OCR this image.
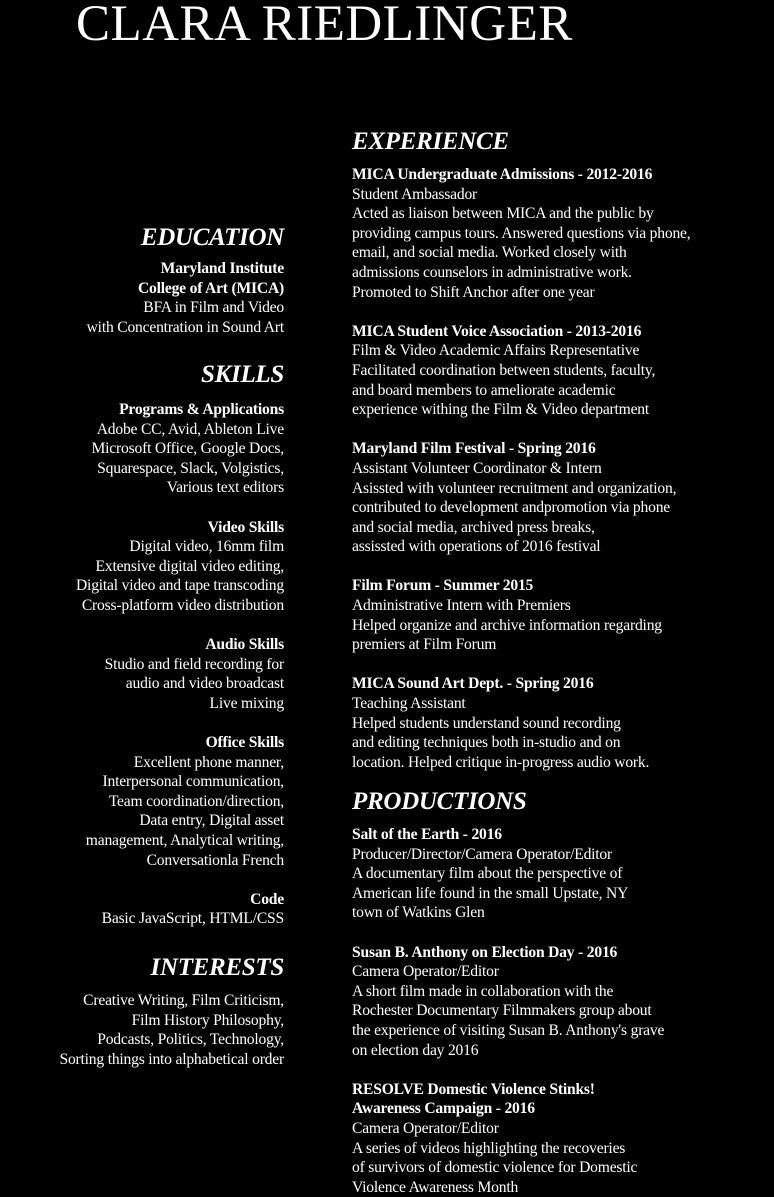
CLARA RIEDLINGER
EDUCATION
Maryland Institute
College of Art (MICA)
BFA in Film and Video
with Concentration in Sound Art
SKILLS
Programs & Applications
Adobe CC, Avid, Ableton Live
Microsoft Office, Google Docs,
Squarespace, Slack, Volgistics,
Various text editors
Video Skills
Digital video, 16mm film
Extensive digital video editing,
Digital video and tape transcoding
Cross-platform video distribution
Audio Skills
Studio and field recording for
audio and video broadcast
Live mixing
Office Skills
Excellent phone manner,
Interpersonal communication,
Team coordination/direction,
Data entry, Digital asset
management, Analytical writing,
Conversationla French
Code
Basic JavaScript, HTML/CSS
INTERESTS
Creative Writing, Film Criticism,
Film History Philosophy,
Podcasts, Politics, Technology,
Sorting things into alphabetical order
EXPERIENCE
MICA Undergraduate Admissions - 2012-2016
Student Ambassador
Acted as liaison between MICA and the public by
providing campus tours. Answered questions via phone,
email, and social media. Worked closely with
admissions counselors in administrative work.
Promoted to Shift Anchor after one year
MICA Student Voice Association - 2013-2016
Film & Video Academic Affairs Representative
Facilitated coordination between students, faculty,
and board members to ameliorate academic
experience withing the Film & Video department
Maryland Film Festival - Spring 2016
Assistant Volunteer Coordinator & Intern
Asissted with volunteer recruitment and organization,
contributed to development andpromotion via phone
and social media, archived press breaks,
assissted with operations of 2016 festival
Film Forum - Summer 2015
Administrative Intern with Premiers
Helped organize and archive information regarding
premiers at Film Forum
MICA Sound Art Dept. - Spring 2016
Teaching Assistant
Helped students understand sound recording
and editing techniques both in-studio and on
location. Helped critique in-progress audio work.
PRODUCTIONS
Salt of the Earth - 2016
Producer/Director/Camera Operator/Editor
A documentary film about the perspective of
American life found in the small Upstate, NY
town of Watkins Glen
Susan B. Anthony on Election Day - 2016
Camera Operator/Editor
A short film made in collaboration with the
Rochester Documentary Filmmakers group about
the experience of visiting Susan B. Anthony's grave
on election day 2016
RESOLVE Domestic Violence Stinks!
Awareness Campaign - 2016
Camera Operator/Editor
A series of videos highlighting the recoveries
of survivors of domestic violence for Domestic
Violence Awareness Month
